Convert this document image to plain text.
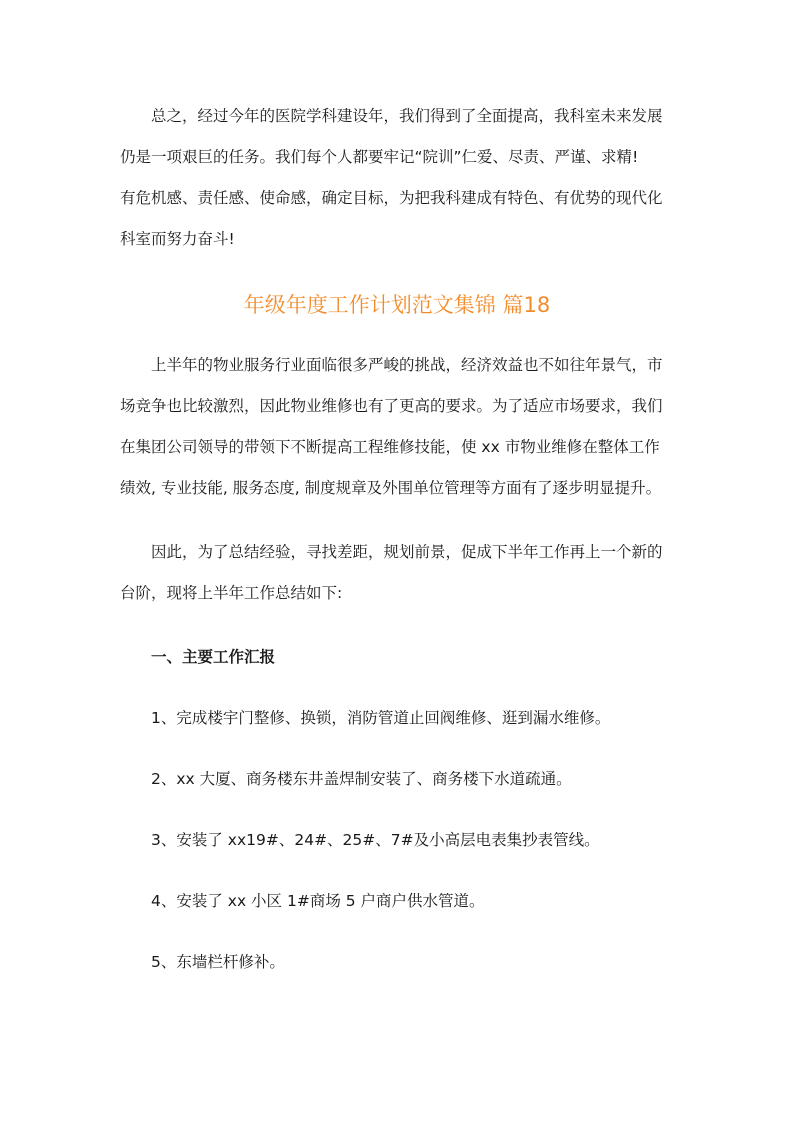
总之，经过今年的医院学科建设年，我们得到了全面提高，我科室未来发展
仍是一项艰巨的任务。我们每个人都要牢记“院训”仁爱、尽责、严谨、求精!
有危机感、责任感、使命感，确定目标，为把我科建成有特色、有优势的现代化
科室而努力奋斗!

年级年度工作计划范文集锦 篇18

上半年的物业服务行业面临很多严峻的挑战，经济效益也不如往年景气，市
场竞争也比较激烈，因此物业维修也有了更高的要求。为了适应市场要求，我们
在集团公司领导的带领下不断提高工程维修技能，使 xx 市物业维修在整体工作
绩效, 专业技能, 服务态度, 制度规章及外围单位管理等方面有了逐步明显提升。

因此，为了总结经验，寻找差距，规划前景，促成下半年工作再上一个新的
台阶，现将上半年工作总结如下:

一、主要工作汇报

1、完成楼宇门整修、换锁，消防管道止回阀维修、逛到漏水维修。

2、xx 大厦、商务楼东井盖焊制安装了、商务楼下水道疏通。

3、安装了 xx19#、24#、25#、7#及小高层电表集抄表管线。

4、安装了 xx 小区 1#商场 5 户商户供水管道。

5、东墙栏杆修补。
